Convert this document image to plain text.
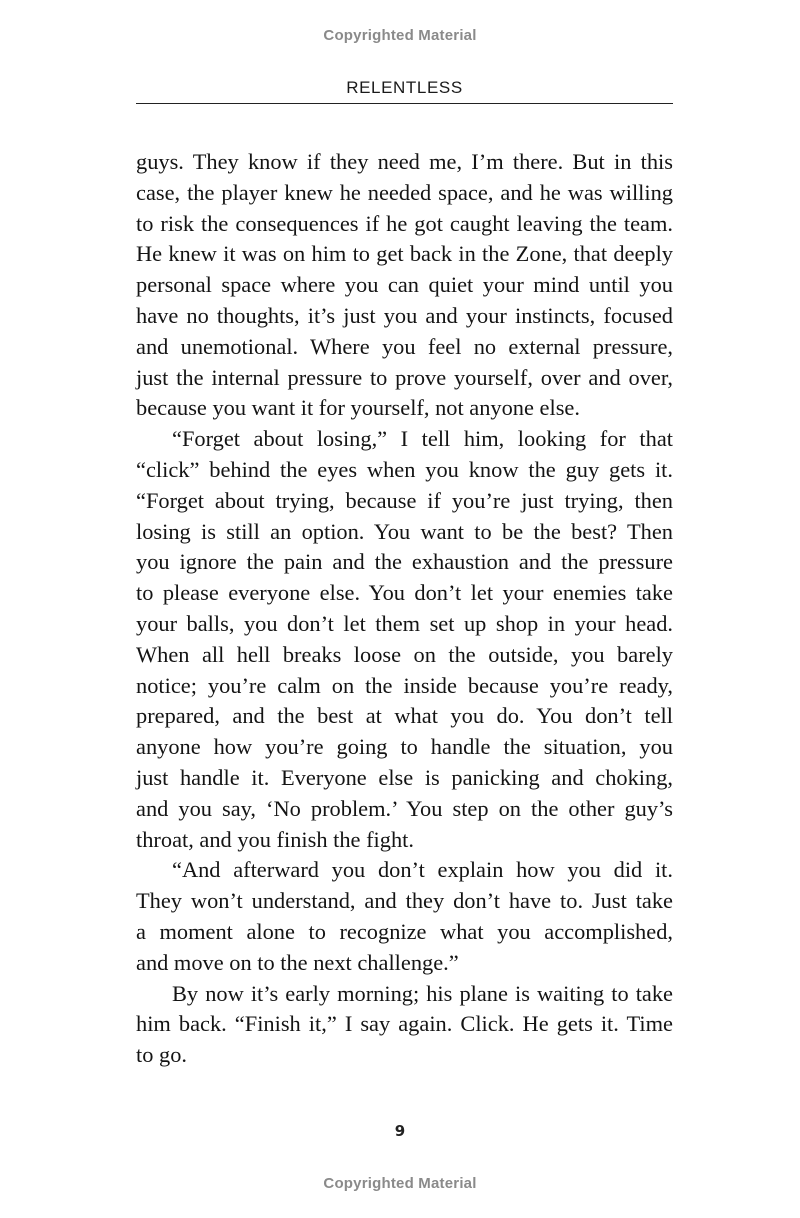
Copyrighted Material
RELENTLESS
guys. They know if they need me, I’m there. But in this
case, the player knew he needed space, and he was willing
to risk the consequences if he got caught leaving the team.
He knew it was on him to get back in the Zone, that deeply
personal space where you can quiet your mind until you
have no thoughts, it’s just you and your instincts, focused
and unemotional. Where you feel no external pressure,
just the internal pressure to prove yourself, over and over,
because you want it for yourself, not anyone else.
“Forget about losing,” I tell him, looking for that
“click” behind the eyes when you know the guy gets it.
“Forget about trying, because if you’re just trying, then
losing is still an option. You want to be the best? Then
you ignore the pain and the exhaustion and the pressure
to please everyone else. You don’t let your enemies take
your balls, you don’t let them set up shop in your head.
When all hell breaks loose on the outside, you barely
notice; you’re calm on the inside because you’re ready,
prepared, and the best at what you do. You don’t tell
anyone how you’re going to handle the situation, you
just handle it. Everyone else is panicking and choking,
and you say, ‘No problem.’ You step on the other guy’s
throat, and you finish the fight.
“And afterward you don’t explain how you did it.
They won’t understand, and they don’t have to. Just take
a moment alone to recognize what you accomplished,
and move on to the next challenge.”
By now it’s early morning; his plane is waiting to take
him back. “Finish it,” I say again. Click. He gets it. Time
to go.
9
Copyrighted Material
